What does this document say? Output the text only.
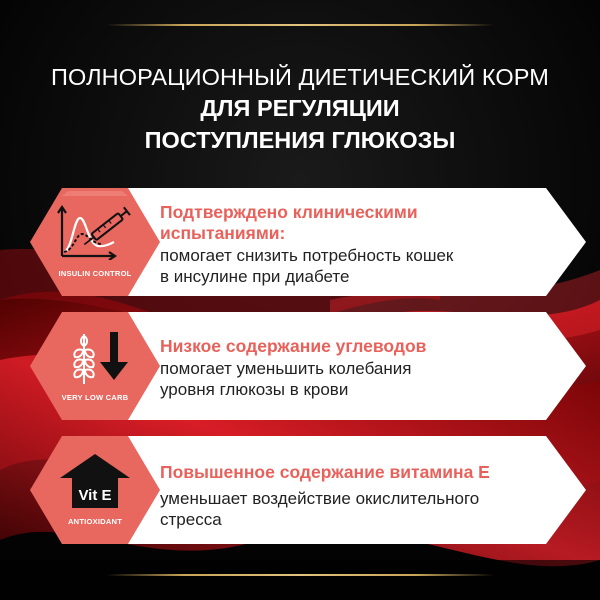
ПОЛНОРАЦИОННЫЙ ДИЕТИЧЕСКИЙ КОРМ
ДЛЯ РЕГУЛЯЦИИ
ПОСТУПЛЕНИЯ ГЛЮКОЗЫ
INSULIN CONTROL
Подтверждено клиническими
испытаниями:
помогает снизить потребность кошек
в инсулине при диабете
VERY LOW CARB
Низкое содержание углеводов
помогает уменьшить колебания
уровня глюкозы в крови
Vit E
ANTIOXIDANT
Повышенное содержание витамина Е
уменьшает воздействие окислительного
стресса
